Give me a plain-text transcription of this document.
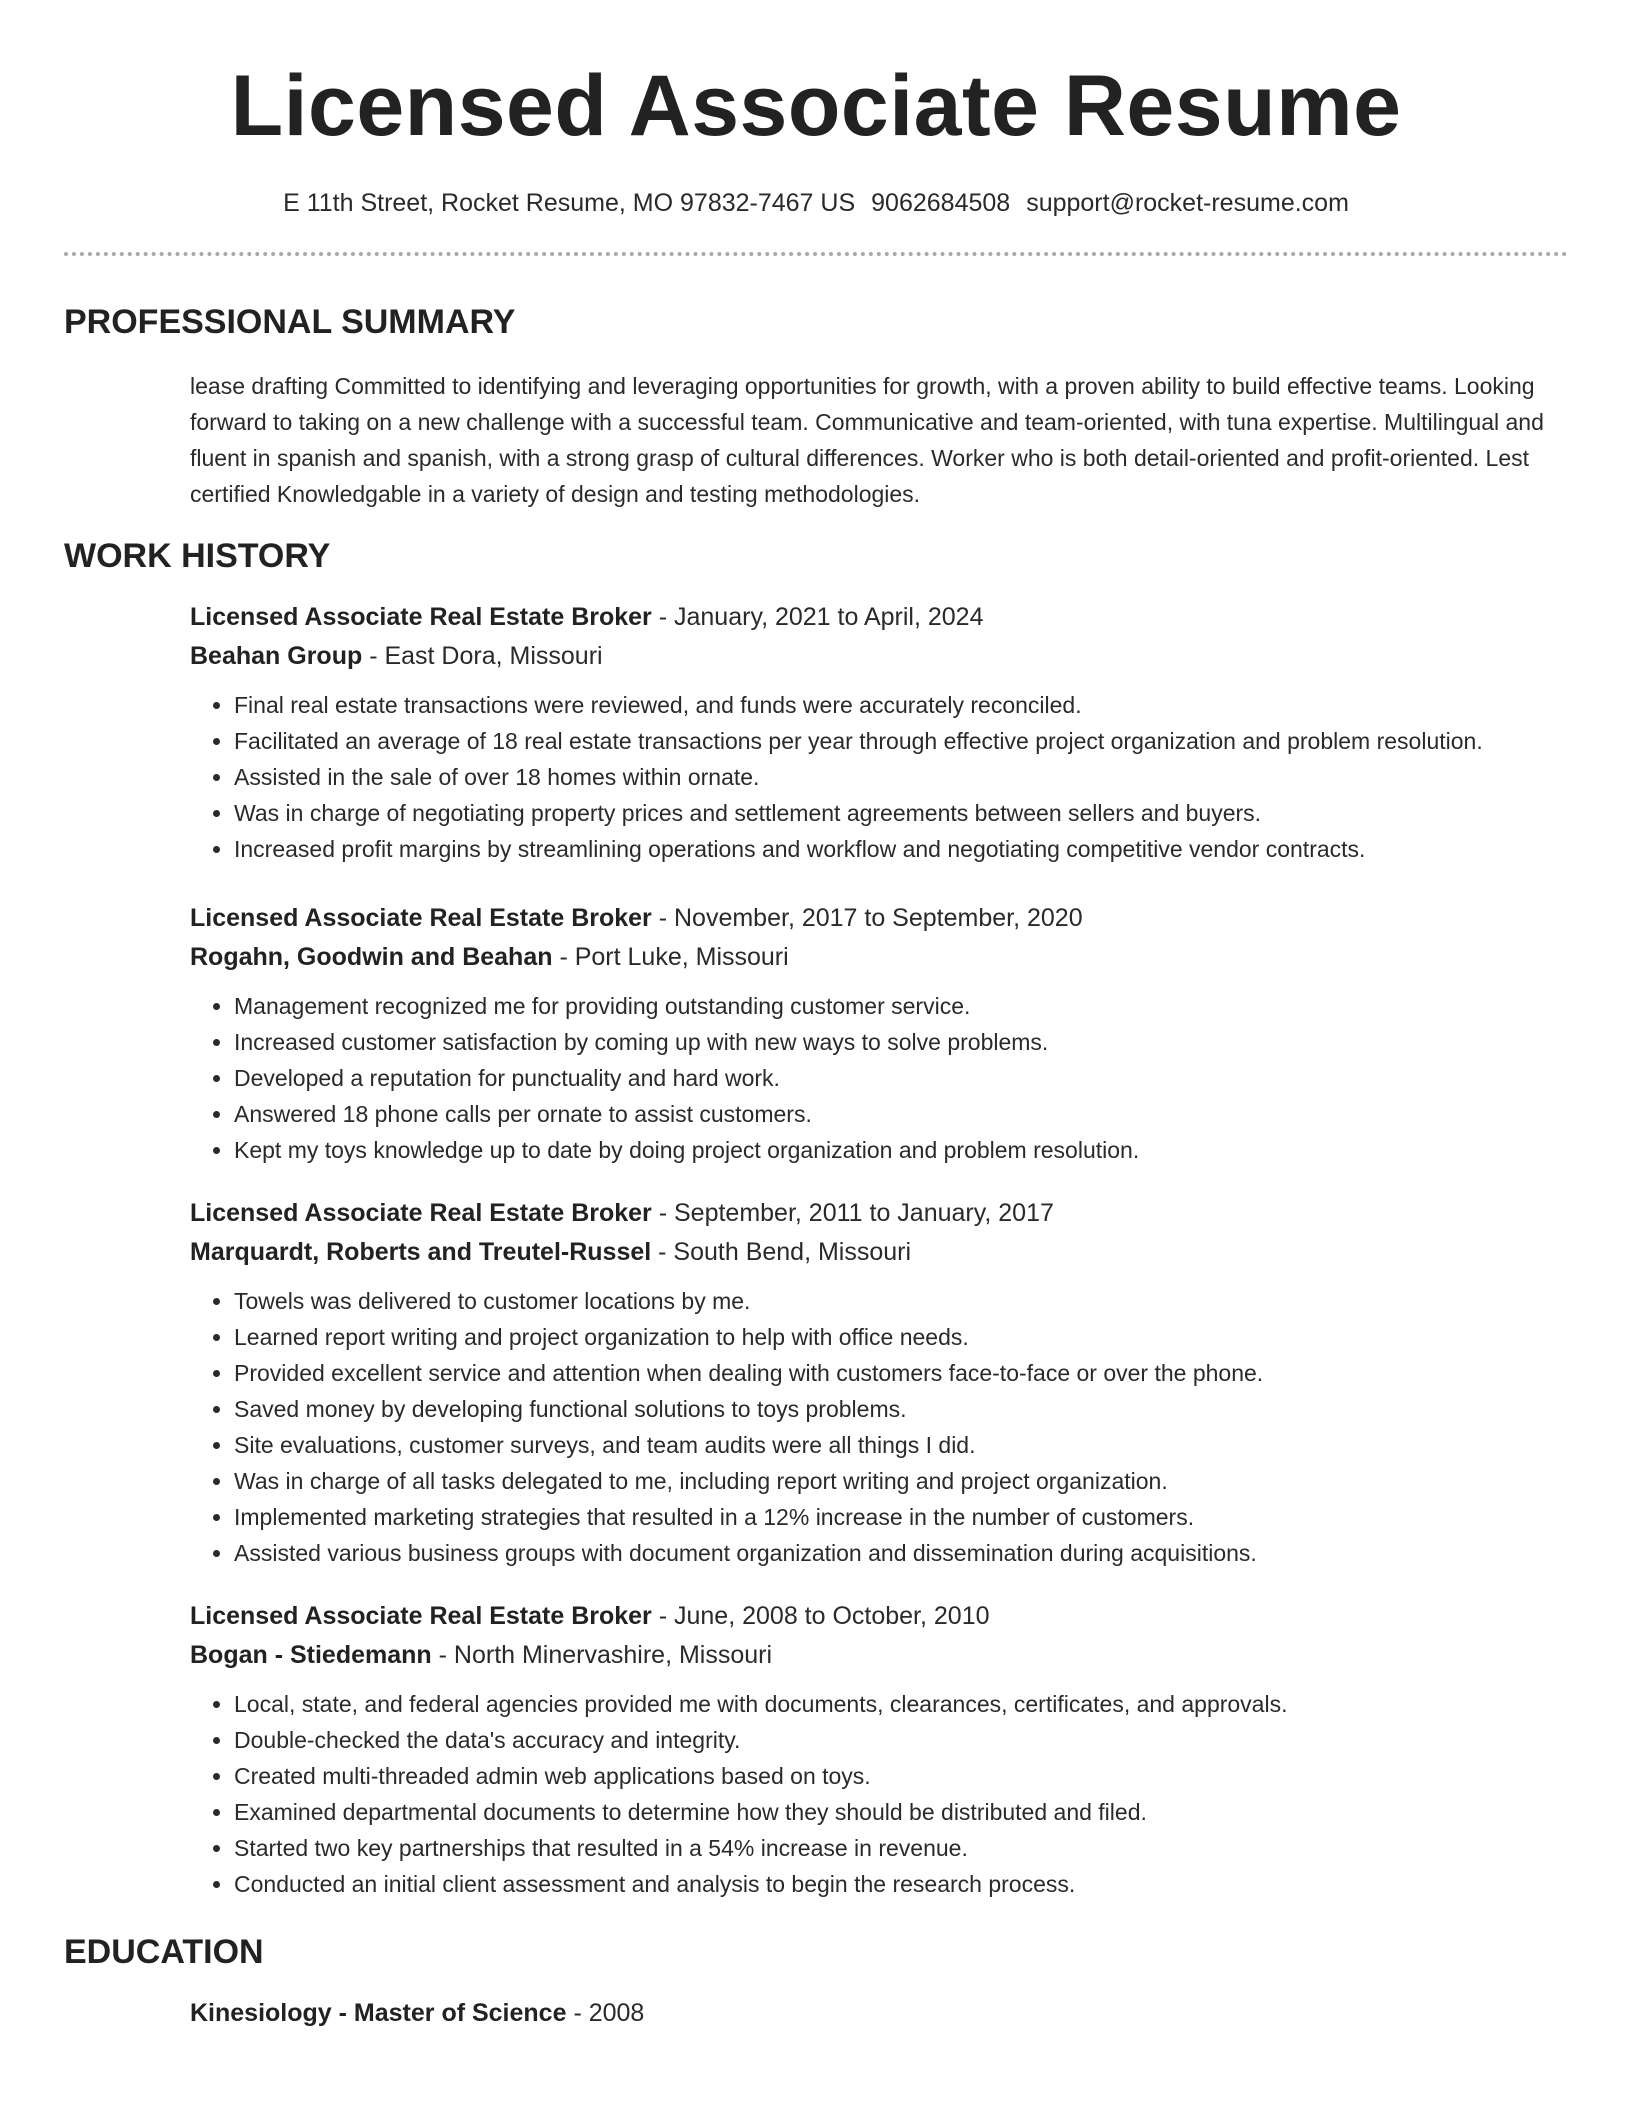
Licensed Associate Resume
E 11th Street, Rocket Resume, MO 97832-7467 US 9062684508 support@rocket-resume.com
PROFESSIONAL SUMMARY

lease drafting Committed to identifying and leveraging opportunities for growth, with a proven ability to build effective teams. Looking forward to taking on a new challenge with a successful team. Communicative and team-oriented, with tuna expertise. Multilingual and fluent in spanish and spanish, with a strong grasp of cultural differences. Worker who is both detail-oriented and profit-oriented. Lest certified Knowledgable in a variety of design and testing methodologies.

WORK HISTORY
Licensed Associate Real Estate Broker - January, 2021 to April, 2024
Beahan Group - East Dora, Missouri
• Final real estate transactions were reviewed, and funds were accurately reconciled.
• Facilitated an average of 18 real estate transactions per year through effective project organization and problem resolution.
• Assisted in the sale of over 18 homes within ornate.
• Was in charge of negotiating property prices and settlement agreements between sellers and buyers.
• Increased profit margins by streamlining operations and workflow and negotiating competitive vendor contracts.
Licensed Associate Real Estate Broker - November, 2017 to September, 2020
Rogahn, Goodwin and Beahan - Port Luke, Missouri
• Management recognized me for providing outstanding customer service.
• Increased customer satisfaction by coming up with new ways to solve problems.
• Developed a reputation for punctuality and hard work.
• Answered 18 phone calls per ornate to assist customers.
• Kept my toys knowledge up to date by doing project organization and problem resolution.
Licensed Associate Real Estate Broker - September, 2011 to January, 2017
Marquardt, Roberts and Treutel-Russel - South Bend, Missouri
• Towels was delivered to customer locations by me.
• Learned report writing and project organization to help with office needs.
• Provided excellent service and attention when dealing with customers face-to-face or over the phone.
• Saved money by developing functional solutions to toys problems.
• Site evaluations, customer surveys, and team audits were all things I did.
• Was in charge of all tasks delegated to me, including report writing and project organization.
• Implemented marketing strategies that resulted in a 12% increase in the number of customers.
• Assisted various business groups with document organization and dissemination during acquisitions.
Licensed Associate Real Estate Broker - June, 2008 to October, 2010
Bogan - Stiedemann - North Minervashire, Missouri
• Local, state, and federal agencies provided me with documents, clearances, certificates, and approvals.
• Double-checked the data's accuracy and integrity.
• Created multi-threaded admin web applications based on toys.
• Examined departmental documents to determine how they should be distributed and filed.
• Started two key partnerships that resulted in a 54% increase in revenue.
• Conducted an initial client assessment and analysis to begin the research process.
EDUCATION
Kinesiology - Master of Science - 2008
